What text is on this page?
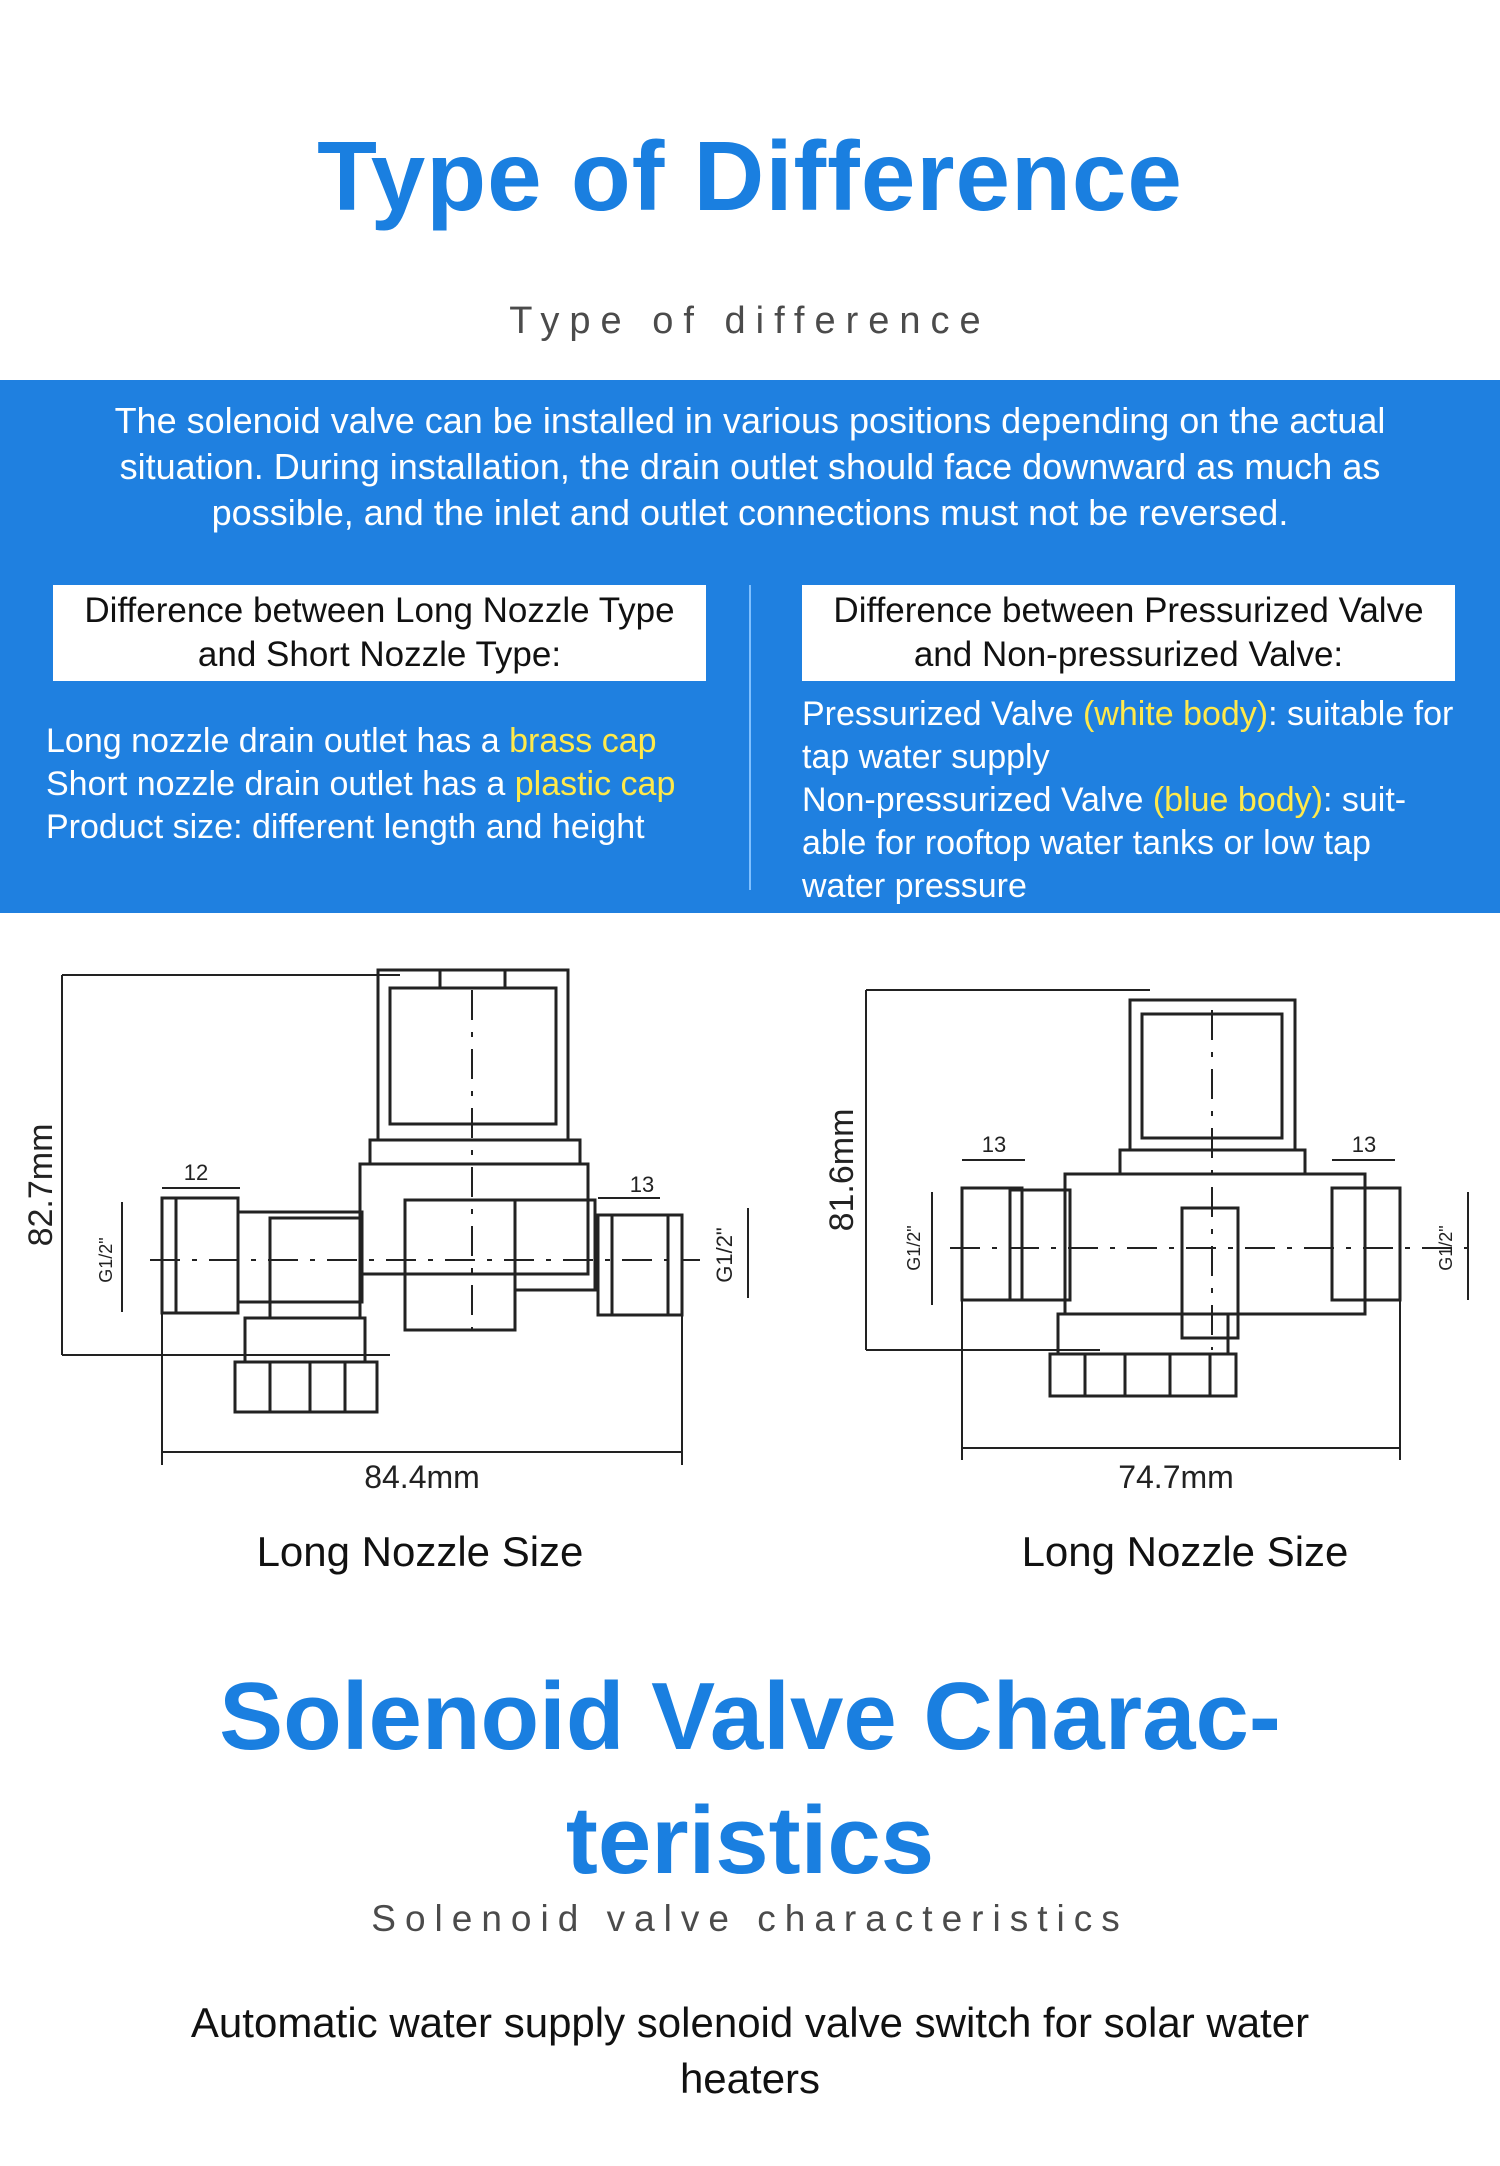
Type of Difference
Type of difference
The solenoid valve can be installed in various positions depending on the actual situation. During installation, the drain outlet should face downward as much as possible, and the inlet and outlet connections must not be reversed.
Difference between Long Nozzle Type and Short Nozzle Type:
Difference between Pressurized Valve and Non-pressurized Valve:

Long nozzle drain outlet has a brass cap

Short nozzle drain outlet has a plastic cap

Product size: different length and height

Pressurized Valve (white body): suitable for tap water supply

Non-pressurized Valve (blue body): suit-able for rooftop water tanks or low tap water pressure

82.7mm
84.4mm
12	13
G1/2"	G1/2"
81.6mm
74.7mm
13	13
G1/2"	G1/2"
Long Nozzle Size	Long Nozzle Size
Solenoid Valve Charac-
teristics
Solenoid valve characteristics
Automatic water supply solenoid valve switch for solar water heaters
